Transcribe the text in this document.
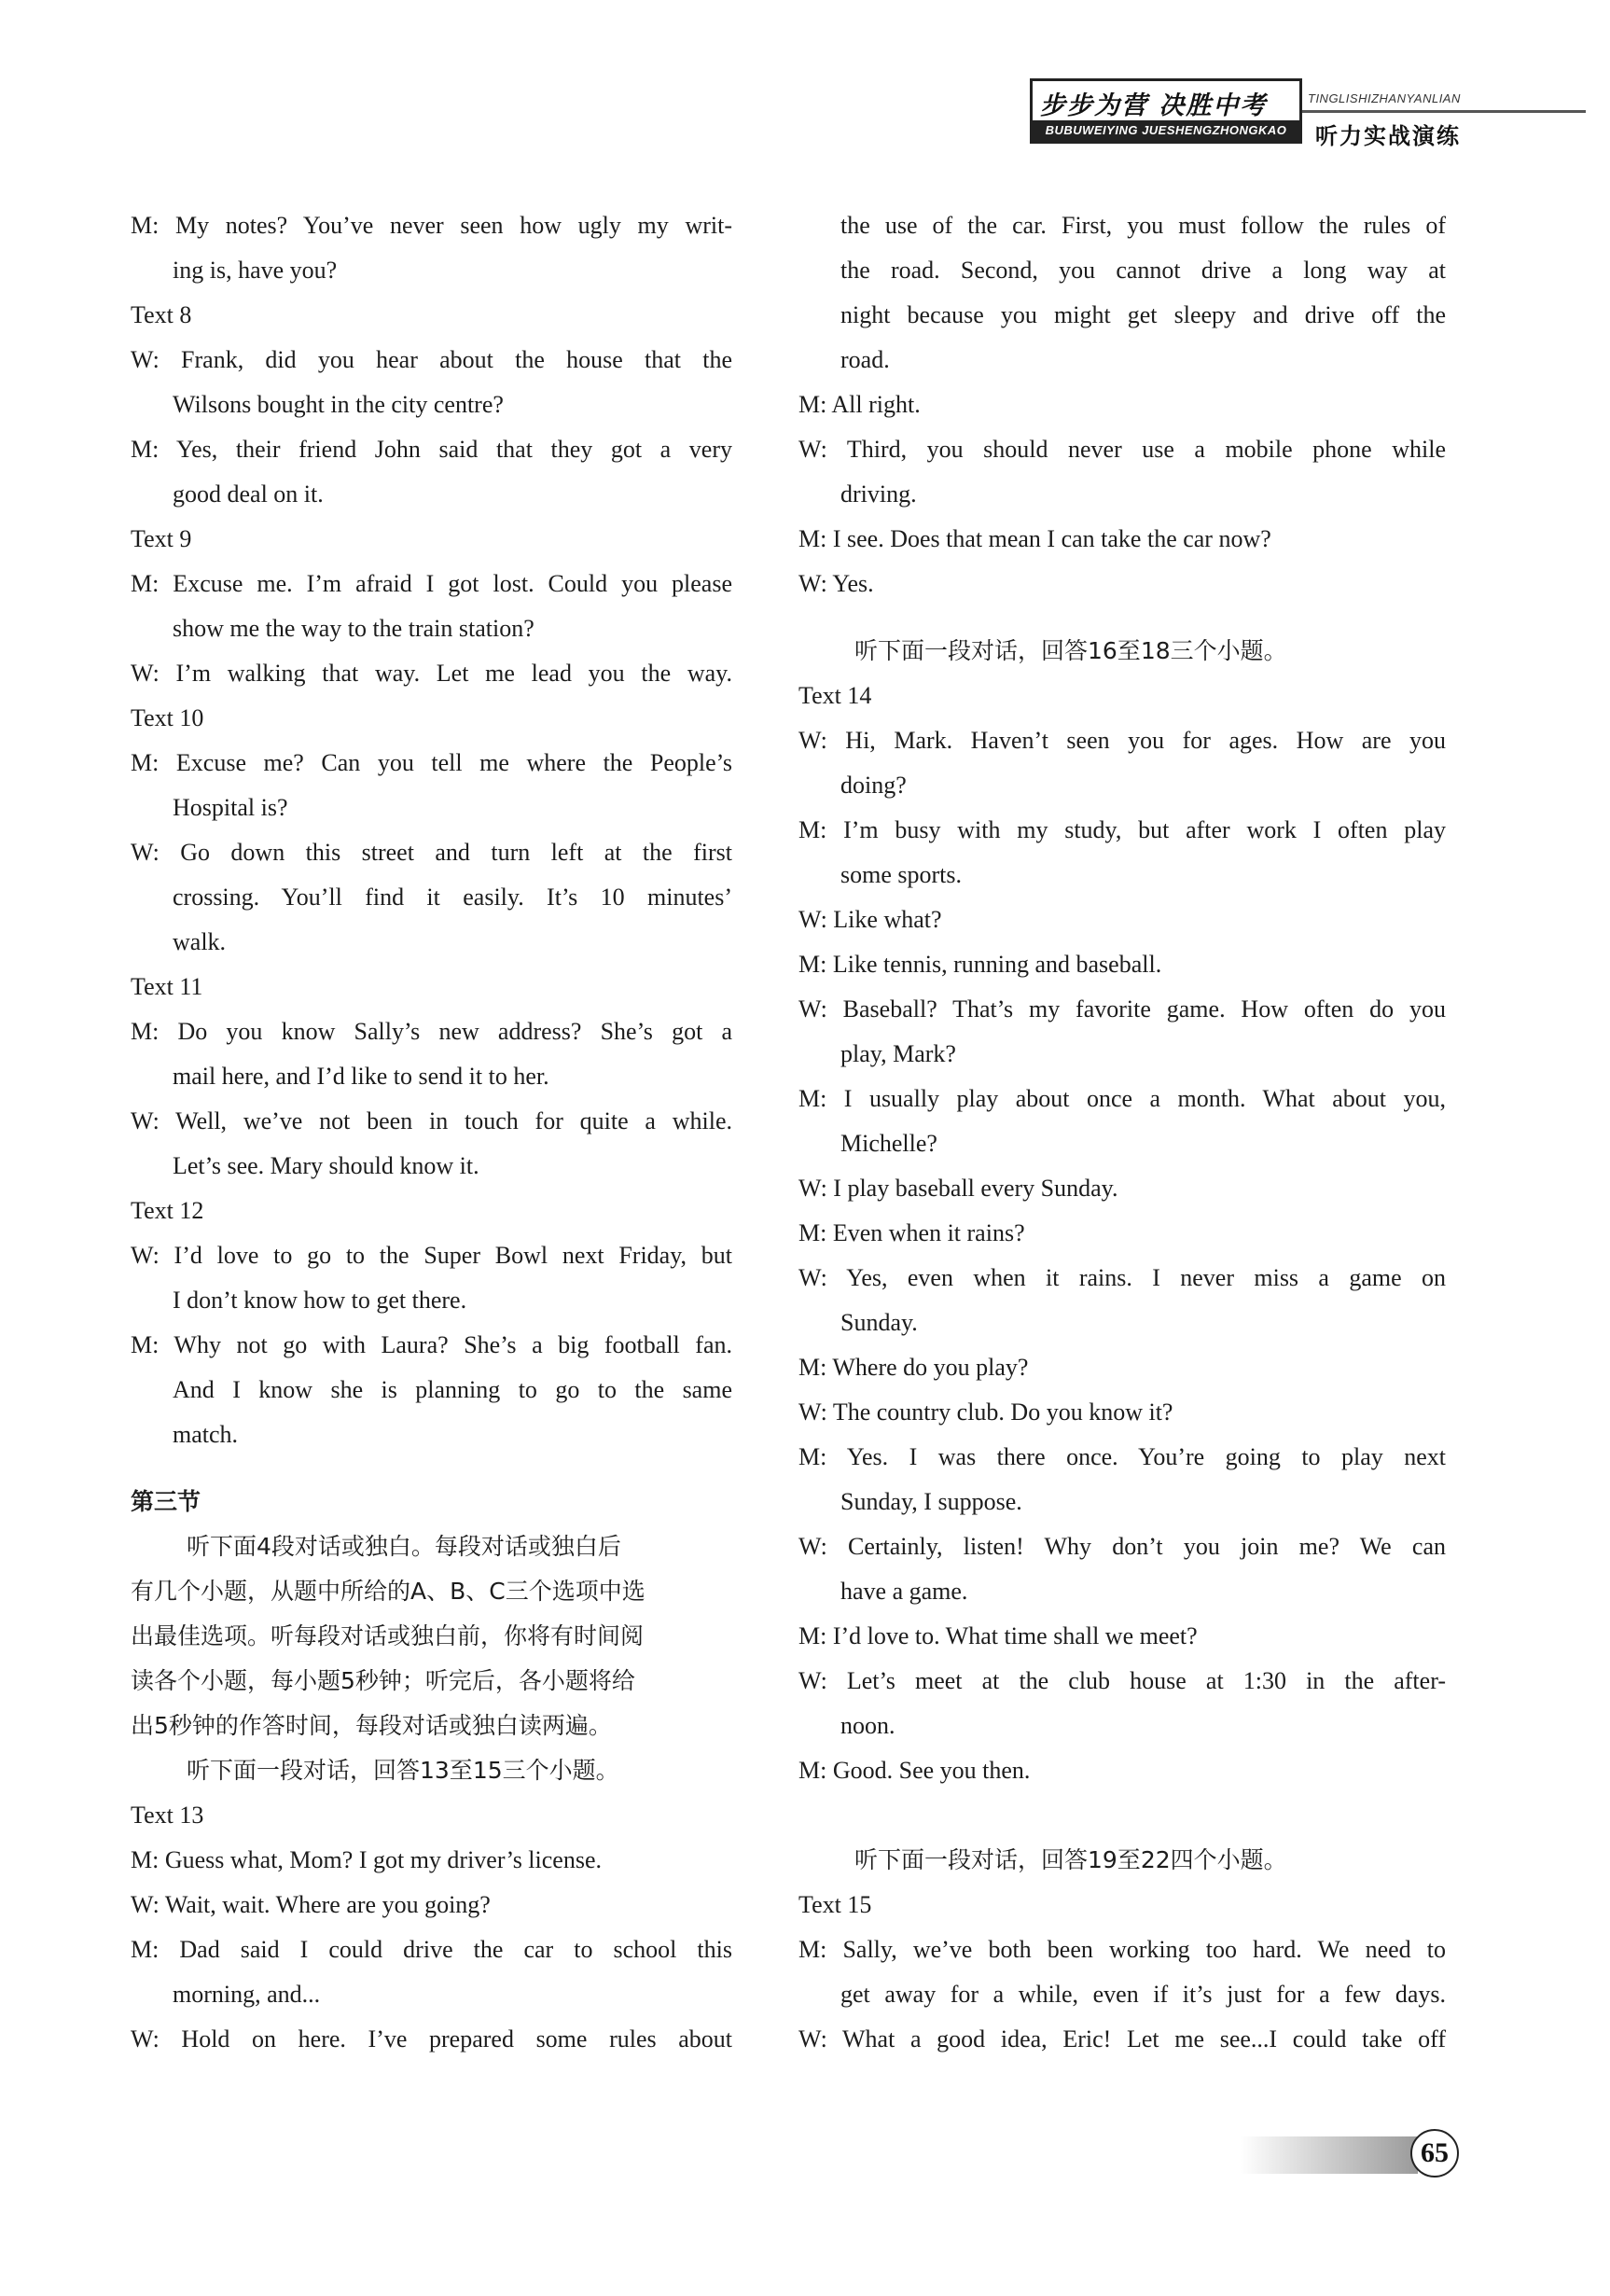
步步为营 决胜中考
BUBUWEIYING JUESHENGZHONGKAO
TINGLISHIZHANYANLIAN
听力实战演练
M: My notes? You’ve never seen how ugly my writ-
ing is, have you?
Text 8
W: Frank, did you hear about the house that the
Wilsons bought in the city centre?
M: Yes, their friend John said that they got a very
good deal on it.
Text 9
M: Excuse me. I’m afraid I got lost. Could you please
show me the way to the train station?
W: I’m walking that way. Let me lead you the way.
Text 10
M: Excuse me? Can you tell me where the People’s
Hospital is?
W: Go down this street and turn left at the first
crossing. You’ll find it easily. It’s 10 minutes’
walk.
Text 11
M: Do you know Sally’s new address? She’s got a
mail here, and I’d like to send it to her.
W: Well, we’ve not been in touch for quite a while.
Let’s see. Mary should know it.
Text 12
W: I’d love to go to the Super Bowl next Friday, but
I don’t know how to get there.
M: Why not go with Laura? She’s a big football fan.
And I know she is planning to go to the same
match.
第三节
听下面4段对话或独白。每段对话或独白后
有几个小题，从题中所给的A、B、C三个选项中选
出最佳选项。听每段对话或独白前，你将有时间阅
读各个小题，每小题5秒钟；听完后，各小题将给
出5秒钟的作答时间，每段对话或独白读两遍。
听下面一段对话，回答13至15三个小题。
Text 13
M: Guess what, Mom? I got my driver’s license.
W: Wait, wait. Where are you going?
M: Dad said I could drive the car to school this
morning, and...
W: Hold on here. I’ve prepared some rules about
the use of the car. First, you must follow the rules of
the road. Second, you cannot drive a long way at
night because you might get sleepy and drive off the
road.
M: All right.
W: Third, you should never use a mobile phone while
driving.
M: I see. Does that mean I can take the car now?
W: Yes.
听下面一段对话，回答16至18三个小题。
Text 14
W: Hi, Mark. Haven’t seen you for ages. How are you
doing?
M: I’m busy with my study, but after work I often play
some sports.
W: Like what?
M: Like tennis, running and baseball.
W: Baseball? That’s my favorite game. How often do you
play, Mark?
M: I usually play about once a month. What about you,
Michelle?
W: I play baseball every Sunday.
M: Even when it rains?
W: Yes, even when it rains. I never miss a game on
Sunday.
M: Where do you play?
W: The country club. Do you know it?
M: Yes. I was there once. You’re going to play next
Sunday, I suppose.
W: Certainly, listen! Why don’t you join me? We can
have a game.
M: I’d love to. What time shall we meet?
W: Let’s meet at the club house at 1:30 in the after-
noon.
M: Good. See you then.
听下面一段对话，回答19至22四个小题。
Text 15
M: Sally, we’ve both been working too hard. We need to
get away for a while, even if it’s just for a few days.
W: What a good idea, Eric! Let me see...I could take off
65
